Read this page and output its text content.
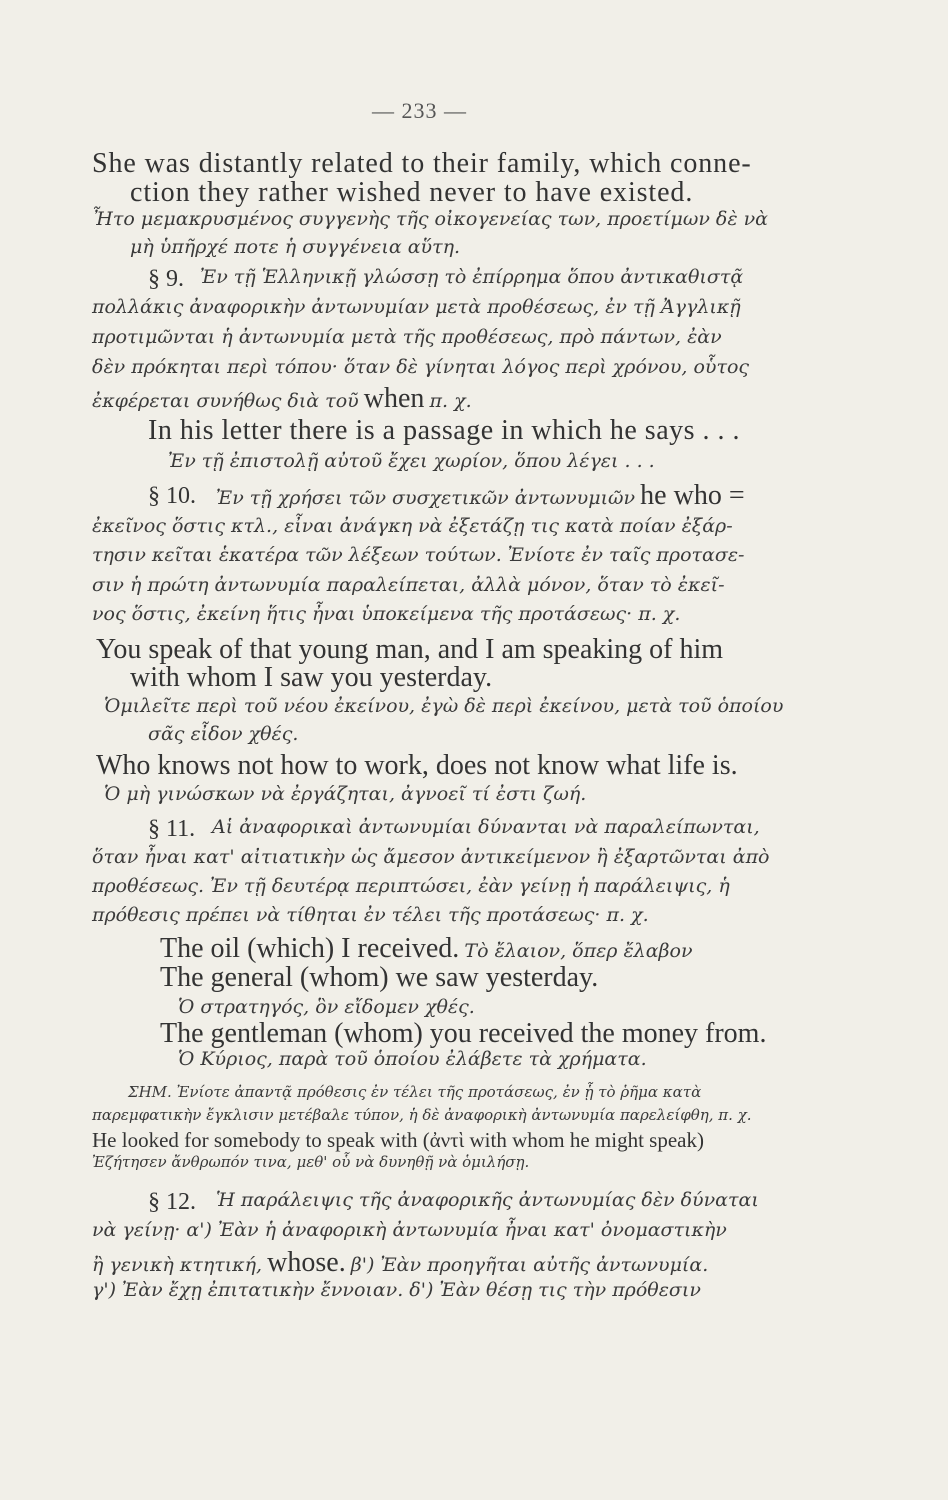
— 233 —
She was distantly related to their family, which conne-
ction they rather wished never to have existed.
Ἦτο μεμακρυσμένος συγγενὴς τῆς οἰκογενείας των, προετίμων δὲ νὰ
μὴ ὑπῆρχέ ποτε ἡ συγγένεια αὕτη.
§ 9. Ἐν τῇ Ἑλληνικῇ γλώσσῃ τὸ ἐπίρρημα ὅπου ἀντικαθιστᾷ
πολλάκις ἀναφορικὴν ἀντωνυμίαν μετὰ προθέσεως, ἐν τῇ Ἀγγλικῇ
προτιμῶνται ἡ ἀντωνυμία μετὰ τῆς προθέσεως, πρὸ πάντων, ἐὰν
δὲν πρόκηται περὶ τόπου· ὅταν δὲ γίνηται λόγος περὶ χρόνου, οὗτος
ἐκφέρεται συνήθως διὰ τοῦ when π. χ.
In his letter there is a passage in which he says . . .
Ἐν τῇ ἐπιστολῇ αὐτοῦ ἔχει χωρίον, ὅπου λέγει . . .
§ 10. Ἐν τῇ χρήσει τῶν συσχετικῶν ἀντωνυμιῶν he who =
ἐκεῖνος ὅστις κτλ., εἶναι ἀνάγκη νὰ ἐξετάζῃ τις κατὰ ποίαν ἐξάρ-
τησιν κεῖται ἑκατέρα τῶν λέξεων τούτων. Ἐνίοτε ἐν ταῖς προτασε-
σιν ἡ πρώτη ἀντωνυμία παραλείπεται, ἀλλὰ μόνον, ὅταν τὸ ἐκεῖ-
νος ὅστις, ἐκείνη ἥτις ἦναι ὑποκείμενα τῆς προτάσεως· π. χ.
You speak of that young man, and I am speaking of him
with whom I saw you yesterday.
Ὁμιλεῖτε περὶ τοῦ νέου ἐκείνου, ἐγὼ δὲ περὶ ἐκείνου, μετὰ τοῦ ὁποίου
σᾶς εἶδον χθές.
Who knows not how to work, does not know what life is.
Ὁ μὴ γινώσκων νὰ ἐργάζηται, ἀγνοεῖ τί ἐστι ζωή.
§ 11. Αἱ ἀναφορικαὶ ἀντωνυμίαι δύνανται νὰ παραλείπωνται,
ὅταν ἦναι κατ' αἰτιατικὴν ὡς ἄμεσον ἀντικείμενον ἢ ἐξαρτῶνται ἀπὸ
προθέσεως. Ἐν τῇ δευτέρᾳ περιπτώσει, ἐὰν γείνῃ ἡ παράλειψις, ἡ
πρόθεσις πρέπει νὰ τίθηται ἐν τέλει τῆς προτάσεως· π. χ.
The oil (which) I received. Τὸ ἔλαιον, ὅπερ ἔλαβον
The general (whom) we saw yesterday.
Ὁ στρατηγός, ὃν εἴδομεν χθές.
The gentleman (whom) you received the money from.
Ὁ Κύριος, παρὰ τοῦ ὁποίου ἐλάβετε τὰ χρήματα.
ΣΗΜ. Ἐνίοτε ἀπαντᾷ πρόθεσις ἐν τέλει τῆς προτάσεως, ἐν ᾗ τὸ ῥῆμα κατὰ
παρεμφατικὴν ἔγκλισιν μετέβαλε τύπον, ἡ δὲ ἀναφορικὴ ἀντωνυμία παρελείφθη, π. χ.
He looked for somebody to speak with (ἀντὶ with whom he might speak)
Ἐζήτησεν ἄνθρωπόν τινα, μεθ' οὗ νὰ δυνηθῇ νὰ ὁμιλήσῃ.
§ 12. Ἡ παράλειψις τῆς ἀναφορικῆς ἀντωνυμίας δὲν δύναται
νὰ γείνῃ· α') Ἐὰν ἡ ἀναφορικὴ ἀντωνυμία ἦναι κατ' ὀνομαστικὴν
ἢ γενικὴ κτητική, whose. β') Ἐὰν προηγῆται αὐτῆς ἀντωνυμία.
γ') Ἐὰν ἔχῃ ἐπιτατικὴν ἔννοιαν. δ') Ἐὰν θέσῃ τις τὴν πρόθεσιν
